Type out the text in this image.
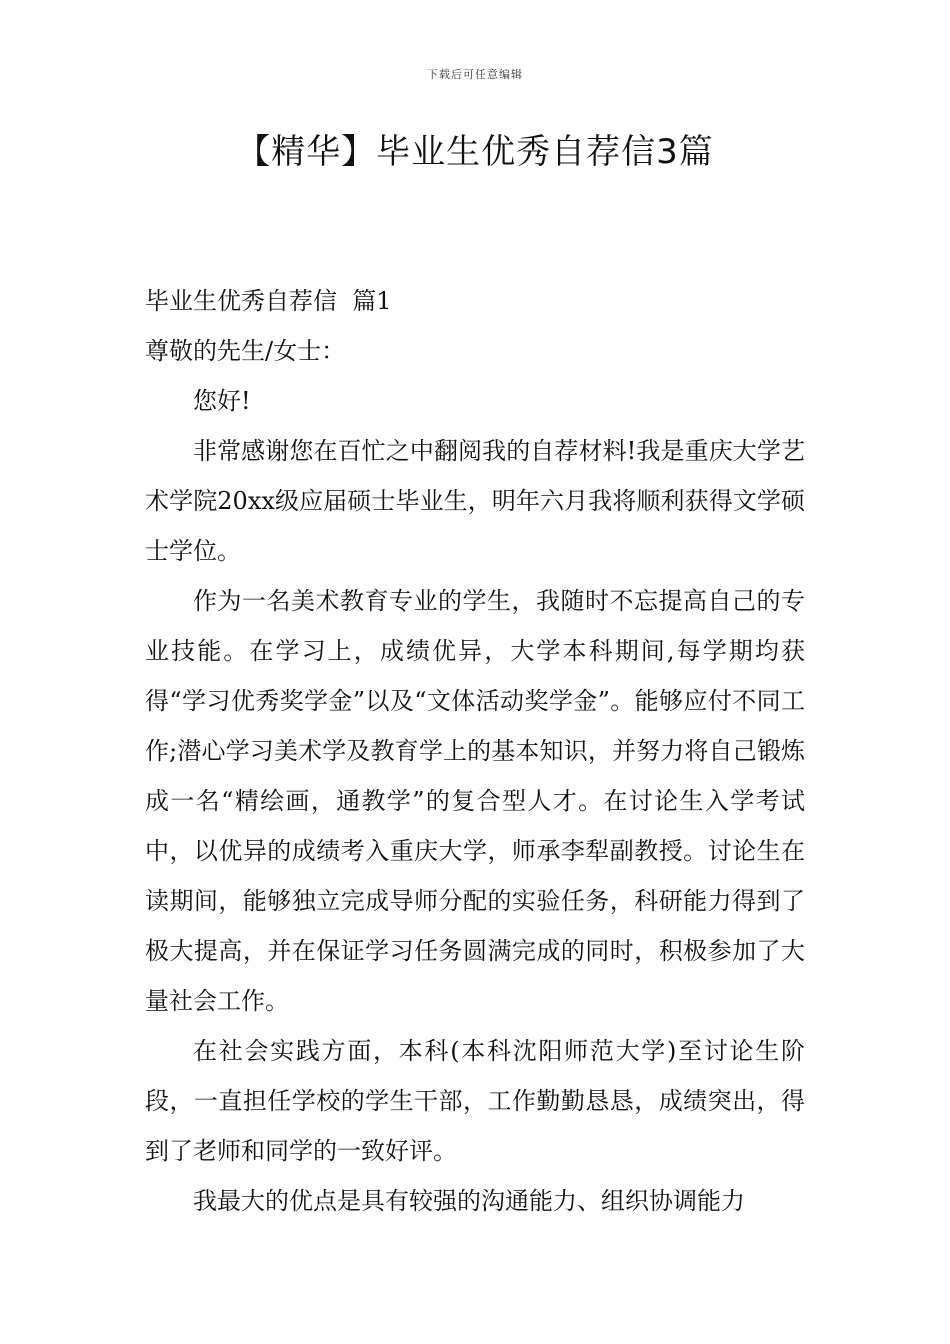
下载后可任意编辑
【精华】毕业生优秀自荐信3篇

毕业生优秀自荐信  篇1

尊敬的先生/女士：

您好!

非常感谢您在百忙之中翻阅我的自荐材料!我是重庆大学艺术学院20xx级应届硕士毕业生，明年六月我将顺利获得文学硕士学位。

作为一名美术教育专业的学生，我随时不忘提高自己的专业技能。在学习上，成绩优异，大学本科期间,每学期均获得“学习优秀奖学金”以及“文体活动奖学金”。能够应付不同工作;潜心学习美术学及教育学上的基本知识，并努力将自己锻炼成一名“精绘画，通教学”的复合型人才。在讨论生入学考试中，以优异的成绩考入重庆大学，师承李犁副教授。讨论生在读期间，能够独立完成导师分配的实验任务，科研能力得到了极大提高，并在保证学习任务圆满完成的同时，积极参加了大量社会工作。

在社会实践方面，本科(本科沈阳师范大学)至讨论生阶段，一直担任学校的学生干部，工作勤勤恳恳，成绩突出，得到了老师和同学的一致好评。

我最大的优点是具有较强的沟通能力、组织协调能力
